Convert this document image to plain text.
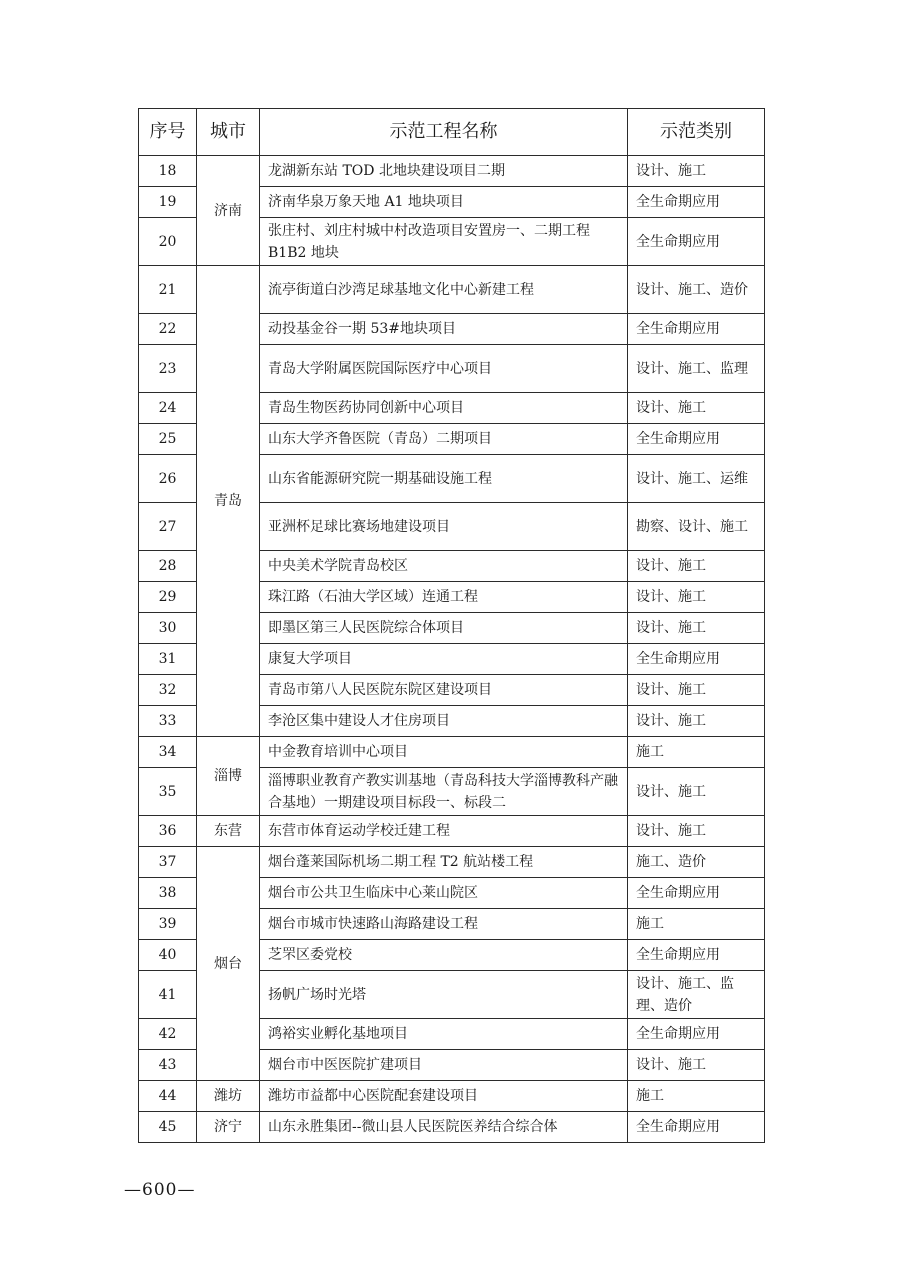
序号	城市	示范工程名称	示范类别
18	济南	龙湖新东站 TOD 北地块建设项目二期	设计、施工
19		济南华泉万象天地 A1 地块项目	全生命期应用
20		张庄村、刘庄村城中村改造项目安置房一、二期工程 B1B2 地块	全生命期应用
21	青岛	流亭街道白沙湾足球基地文化中心新建工程	设计、施工、造价
22		动投基金谷一期 53#地块项目	全生命期应用
23		青岛大学附属医院国际医疗中心项目	设计、施工、监理
24		青岛生物医药协同创新中心项目	设计、施工
25		山东大学齐鲁医院（青岛）二期项目	全生命期应用
26		山东省能源研究院一期基础设施工程	设计、施工、运维
27		亚洲杯足球比赛场地建设项目	勘察、设计、施工
28		中央美术学院青岛校区	设计、施工
29		珠江路（石油大学区域）连通工程	设计、施工
30		即墨区第三人民医院综合体项目	设计、施工
31		康复大学项目	全生命期应用
32		青岛市第八人民医院东院区建设项目	设计、施工
33		李沧区集中建设人才住房项目	设计、施工
34	淄博	中金教育培训中心项目	施工
35		淄博职业教育产教实训基地（青岛科技大学淄博教科产融合基地）一期建设项目标段一、标段二	设计、施工
36	东营	东营市体育运动学校迁建工程	设计、施工
37	烟台	烟台蓬莱国际机场二期工程 T2 航站楼工程	施工、造价
38		烟台市公共卫生临床中心莱山院区	全生命期应用
39		烟台市城市快速路山海路建设工程	施工
40		芝罘区委党校	全生命期应用
41		扬帆广场时光塔	设计、施工、监理、造价
42		鸿裕实业孵化基地项目	全生命期应用
43		烟台市中医医院扩建项目	设计、施工
44	潍坊	潍坊市益都中心医院配套建设项目	施工
45	济宁	山东永胜集团--微山县人民医院医养结合综合体	全生命期应用
—600—
